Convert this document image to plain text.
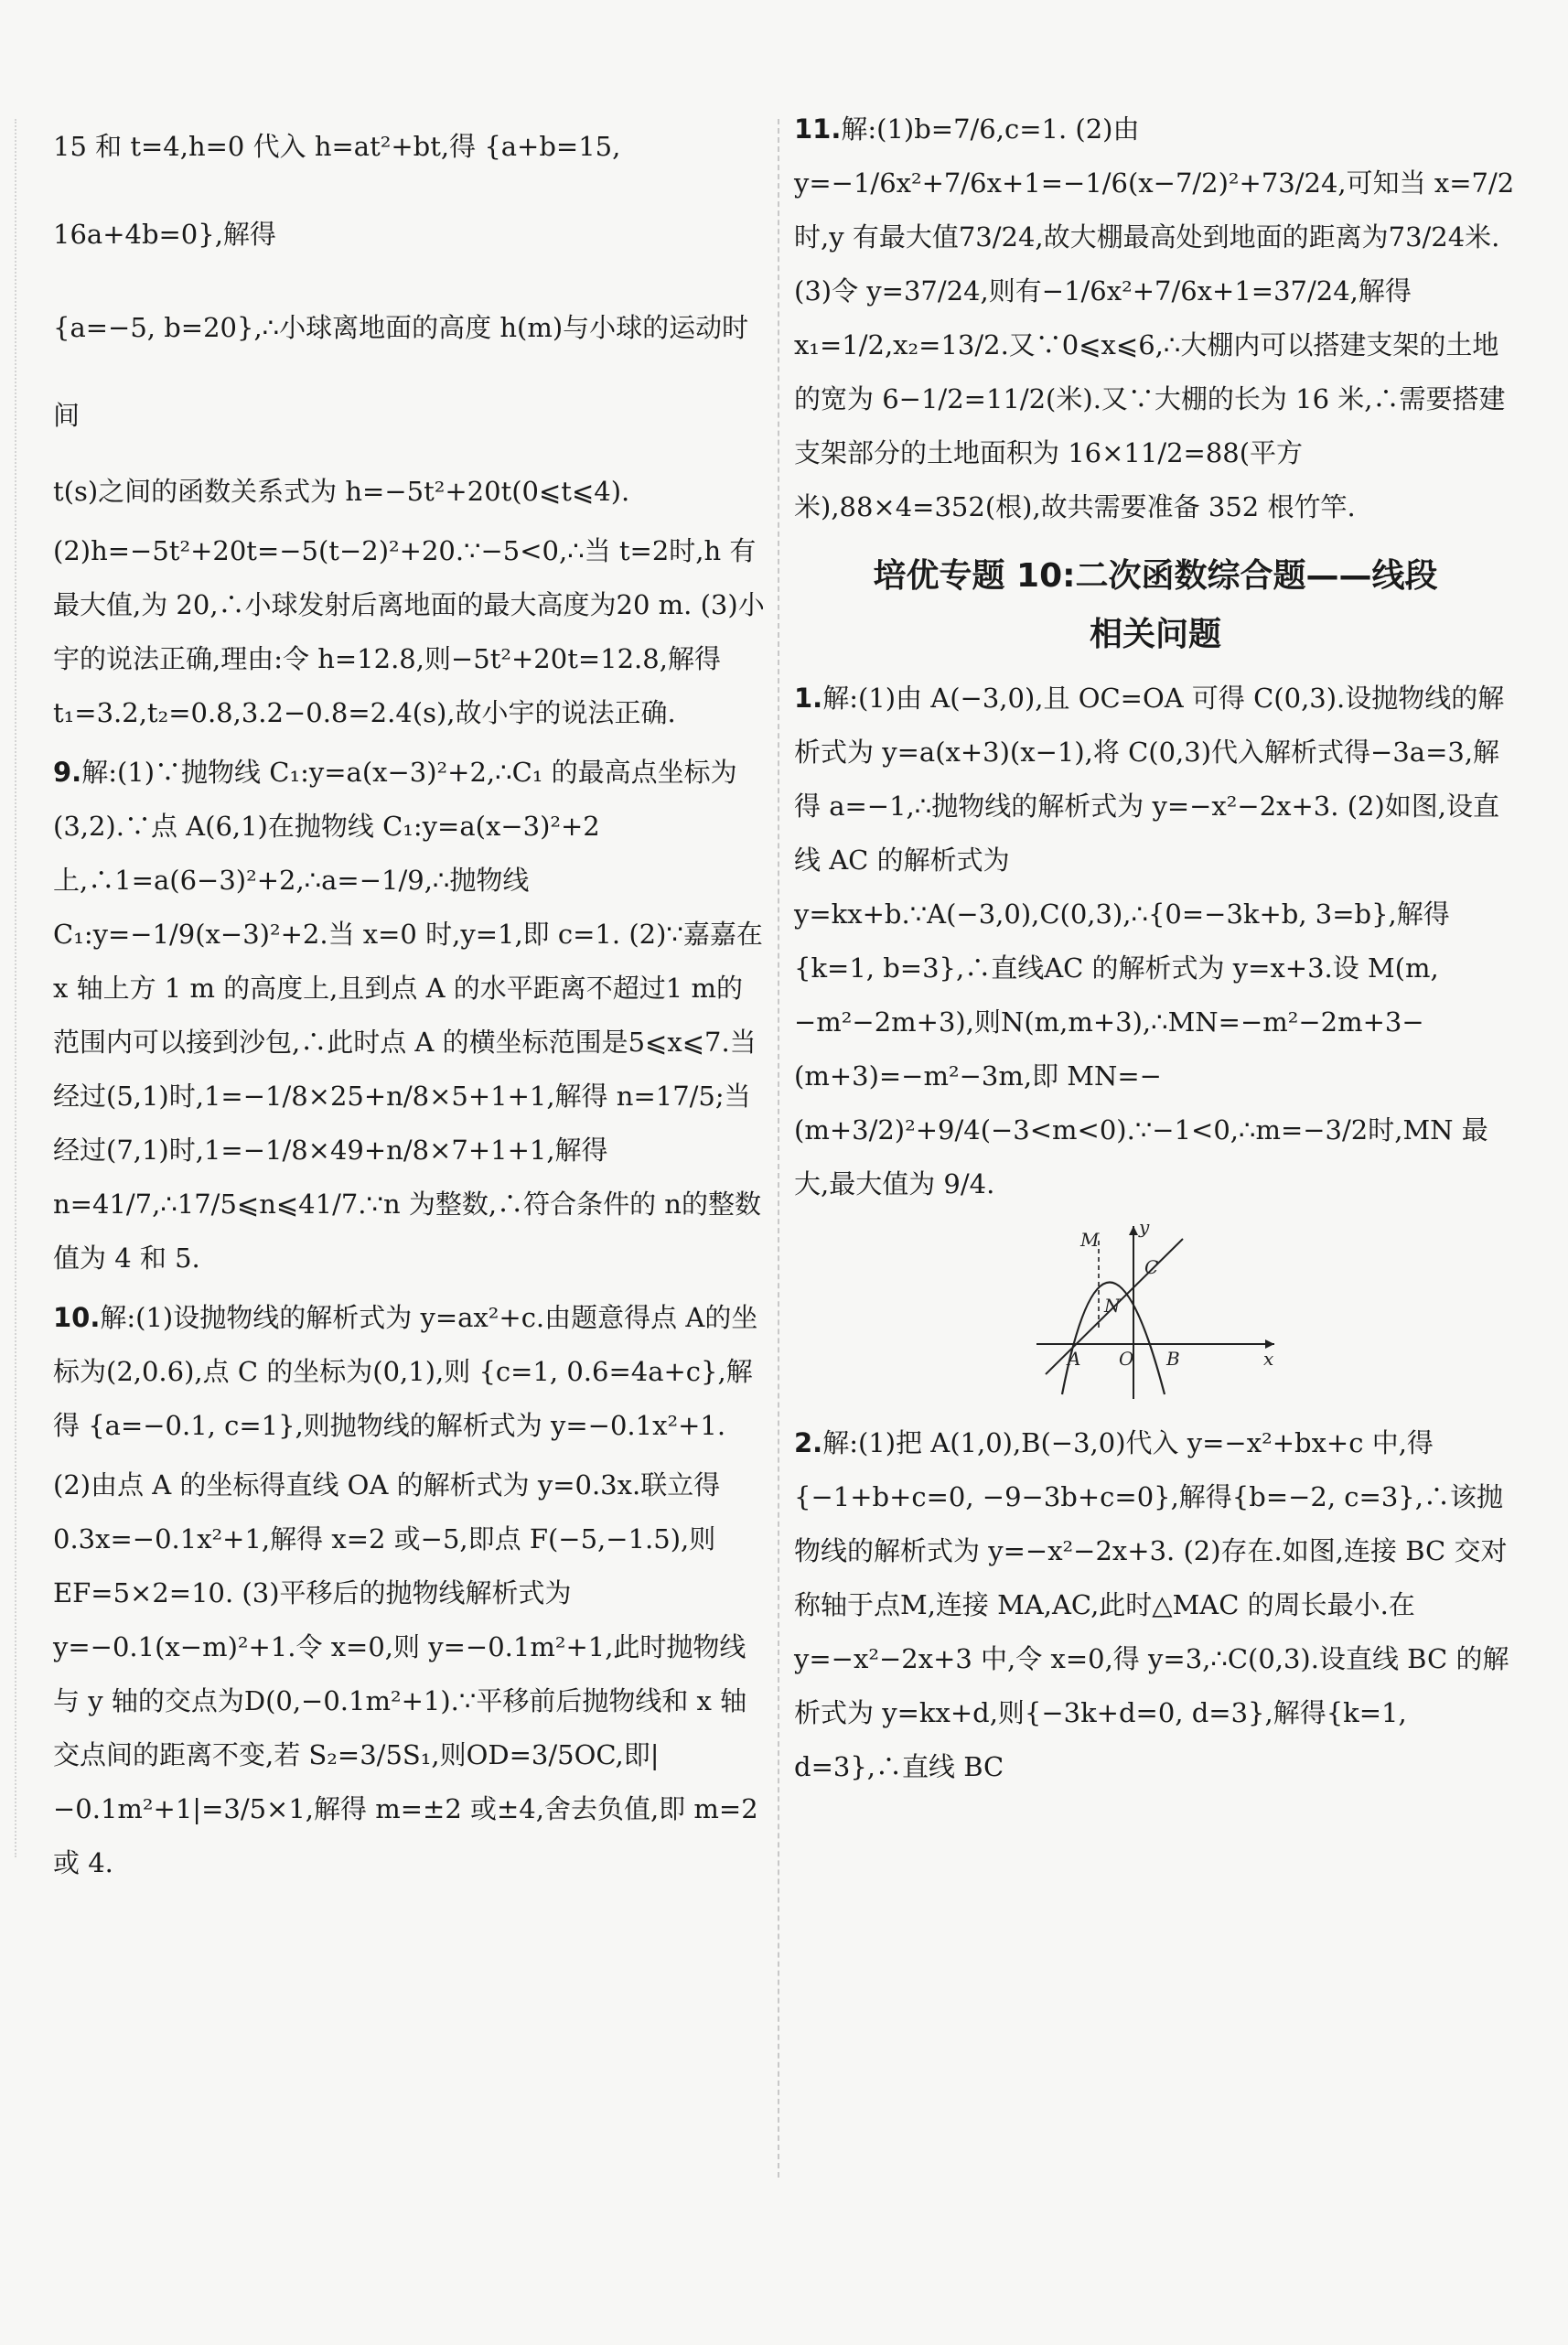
15 和 t=4,h=0 代入 h=at²+bt,得 {a+b=15, 16a+4b=0},解得

{a=−5, b=20},∴小球离地面的高度 h(m)与小球的运动时间

t(s)之间的函数关系式为 h=−5t²+20t(0⩽t⩽4).

(2)h=−5t²+20t=−5(t−2)²+20.∵−5<0,∴当 t=2时,h 有最大值,为 20,∴小球发射后离地面的最大高度为20 m. (3)小宇的说法正确,理由:令 h=12.8,则−5t²+20t=12.8,解得 t₁=3.2,t₂=0.8,3.2−0.8=2.4(s),故小宇的说法正确.

9.解:(1)∵抛物线 C₁:y=a(x−3)²+2,∴C₁ 的最高点坐标为(3,2).∵点 A(6,1)在抛物线 C₁:y=a(x−3)²+2上,∴1=a(6−3)²+2,∴a=−1/9,∴抛物线 C₁:y=−1/9(x−3)²+2.当 x=0 时,y=1,即 c=1. (2)∵嘉嘉在 x 轴上方 1 m 的高度上,且到点 A 的水平距离不超过1 m的范围内可以接到沙包,∴此时点 A 的横坐标范围是5⩽x⩽7.当经过(5,1)时,1=−1/8×25+n/8×5+1+1,解得 n=17/5;当经过(7,1)时,1=−1/8×49+n/8×7+1+1,解得 n=41/7,∴17/5⩽n⩽41/7.∵n 为整数,∴符合条件的 n的整数值为 4 和 5.

10.解:(1)设抛物线的解析式为 y=ax²+c.由题意得点 A的坐标为(2,0.6),点 C 的坐标为(0,1),则 {c=1, 0.6=4a+c},解得 {a=−0.1, c=1},则抛物线的解析式为 y=−0.1x²+1.

(2)由点 A 的坐标得直线 OA 的解析式为 y=0.3x.联立得 0.3x=−0.1x²+1,解得 x=2 或−5,即点 F(−5,−1.5),则 EF=5×2=10. (3)平移后的抛物线解析式为 y=−0.1(x−m)²+1.令 x=0,则 y=−0.1m²+1,此时抛物线与 y 轴的交点为D(0,−0.1m²+1).∵平移前后抛物线和 x 轴交点间的距离不变,若 S₂=3/5S₁,则OD=3/5OC,即|−0.1m²+1|=3/5×1,解得 m=±2 或±4,舍去负值,即 m=2 或 4.

11.解:(1)b=7/6,c=1. (2)由 y=−1/6x²+7/6x+1=−1/6(x−7/2)²+73/24,可知当 x=7/2时,y 有最大值73/24,故大棚最高处到地面的距离为73/24米. (3)令 y=37/24,则有−1/6x²+7/6x+1=37/24,解得 x₁=1/2,x₂=13/2.又∵0⩽x⩽6,∴大棚内可以搭建支架的土地的宽为 6−1/2=11/2(米).又∵大棚的长为 16 米,∴需要搭建支架部分的土地面积为 16×11/2=88(平方米),88×4=352(根),故共需要准备 352 根竹竿.

培优专题 10:二次函数综合题——线段
相关问题

1.解:(1)由 A(−3,0),且 OC=OA 可得 C(0,3).设抛物线的解析式为 y=a(x+3)(x−1),将 C(0,3)代入解析式得−3a=3,解得 a=−1,∴抛物线的解析式为 y=−x²−2x+3. (2)如图,设直线 AC 的解析式为 y=kx+b.∵A(−3,0),C(0,3),∴{0=−3k+b, 3=b},解得{k=1, b=3},∴直线AC 的解析式为 y=x+3.设 M(m,−m²−2m+3),则N(m,m+3),∴MN=−m²−2m+3−(m+3)=−m²−3m,即 MN=−(m+3/2)²+9/4(−3<m<0).∵−1<0,∴m=−3/2时,MN 最大,最大值为 9/4.

M
C
N
A O B	x
y

2.解:(1)把 A(1,0),B(−3,0)代入 y=−x²+bx+c 中,得{−1+b+c=0, −9−3b+c=0},解得{b=−2, c=3},∴该抛物线的解析式为 y=−x²−2x+3. (2)存在.如图,连接 BC 交对称轴于点M,连接 MA,AC,此时△MAC 的周长最小.在 y=−x²−2x+3 中,令 x=0,得 y=3,∴C(0,3).设直线 BC 的解析式为 y=kx+d,则{−3k+d=0, d=3},解得{k=1, d=3},∴直线 BC
